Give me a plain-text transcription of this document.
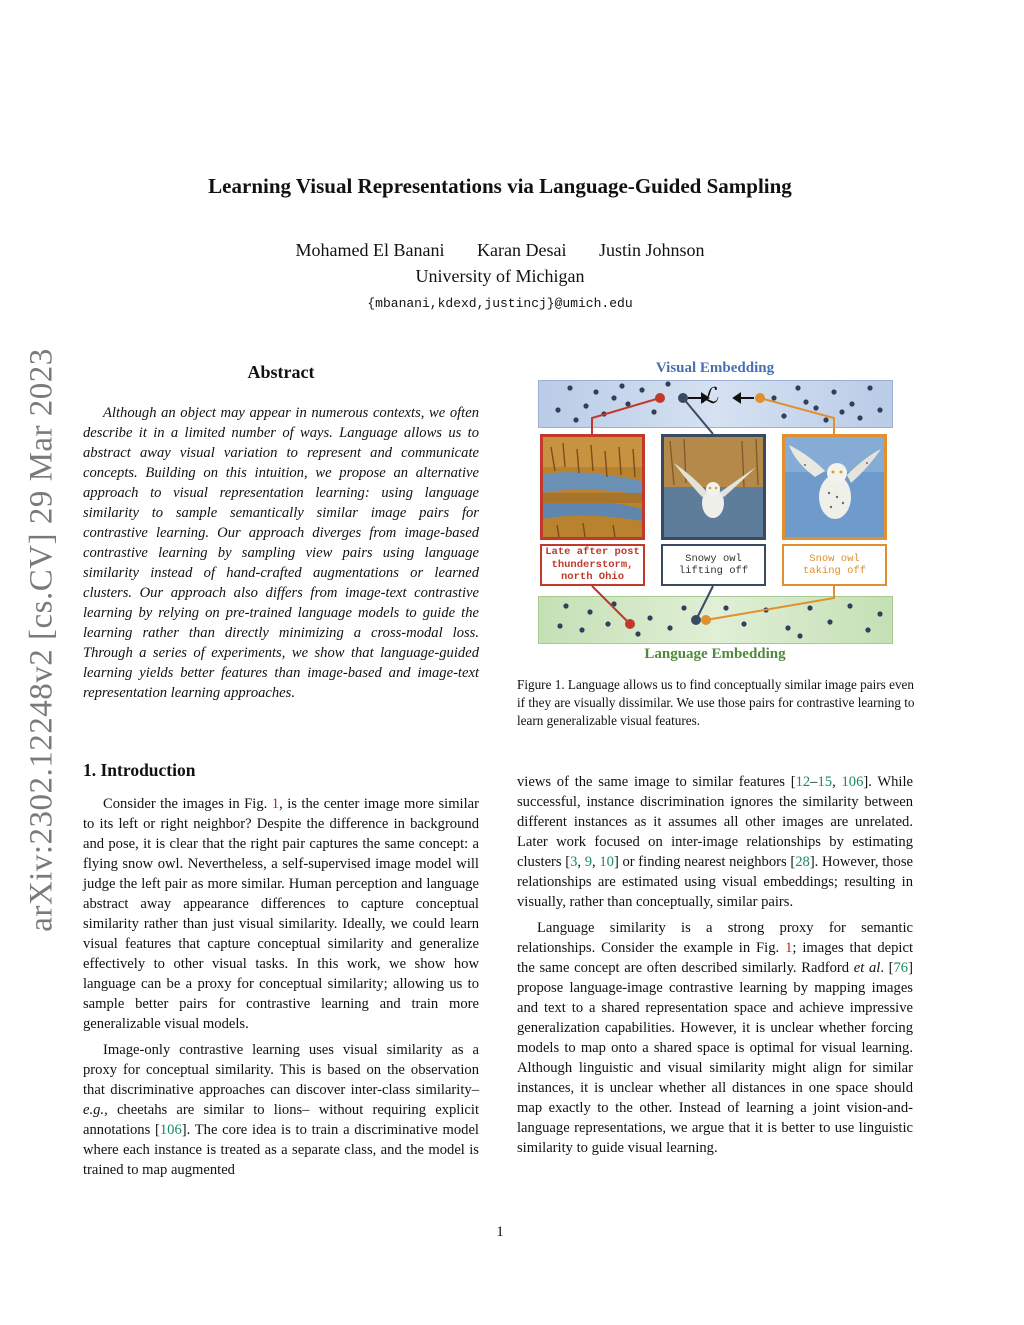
arXiv:2302.12248v2 [cs.CV] 29 Mar 2023
Learning Visual Representations via Language-Guided Sampling
Mohamed El Banani Karan Desai Justin Johnson
University of Michigan
{mbanani,kdexd,justincj}@umich.edu
Abstract

Although an object may appear in numerous contexts, we often describe it in a limited number of ways. Language allows us to abstract away visual variation to represent and communicate concepts. Building on this intuition, we propose an alternative approach to visual representation learning: using language similarity to sample semantically similar image pairs for contrastive learning. Our approach diverges from image-based contrastive learning by sampling view pairs using language similarity instead of hand-crafted augmentations or learned clusters. Our approach also differs from image-text contrastive learning by relying on pre-trained language models to guide the learning rather than directly minimizing a cross-modal loss. Through a series of experiments, we show that language-guided learning yields better features than image-based and image-text representation learning approaches.

Visual Embedding
Late after post
thunderstorm,
north Ohio
Snowy owl
lifting off
Snow owl
taking off
Language Embedding
ℒ

Figure 1. Language allows us to find conceptually similar image pairs even if they are visually dissimilar. We use those pairs for contrastive learning to learn generalizable visual features.

1. Introduction

Consider the images in Fig. 1, is the center image more similar to its left or right neighbor? Despite the difference in background and pose, it is clear that the right pair captures the same concept: a flying snow owl. Nevertheless, a self-supervised image model will judge the left pair as more similar. Human perception and language abstract away appearance differences to capture conceptual similarity rather than just visual similarity. Ideally, we could learn visual features that capture conceptual similarity and generalize effectively to other visual tasks. In this work, we show how language can be a proxy for conceptual similarity; allowing us to sample better pairs for contrastive learning and train more generalizable visual models.

Image-only contrastive learning uses visual similarity as a proxy for conceptual similarity. This is based on the observation that discriminative approaches can discover inter-class similarity–e.g., cheetahs are similar to lions– without requiring explicit annotations [106]. The core idea is to train a discriminative model where each instance is treated as a separate class, and the model is trained to map augmented

views of the same image to similar features [12–15, 106]. While successful, instance discrimination ignores the similarity between different instances as it assumes all other images are unrelated. Later work focused on inter-image relationships by estimating clusters [3, 9, 10] or finding nearest neighbors [28]. However, those relationships are estimated using visual embeddings; resulting in visually, rather than conceptually, similar pairs.

Language similarity is a strong proxy for semantic relationships. Consider the example in Fig. 1; images that depict the same concept are often described similarly. Radford et al. [76] propose language-image contrastive learning by mapping images and text to a shared representation space and achieve impressive generalization capabilities. However, it is unclear whether forcing models to map onto a shared space is optimal for visual learning. Although linguistic and visual similarity might align for similar instances, it is unclear whether all distances in one space should map exactly to the other. Instead of learning a joint vision-and-language representations, we argue that it is better to use linguistic similarity to guide visual learning.

1
